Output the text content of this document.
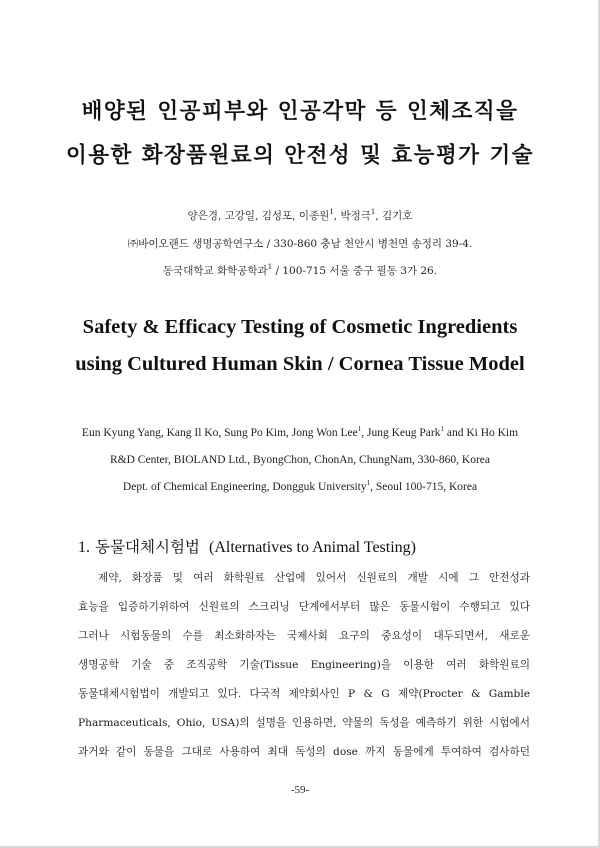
배양된 인공피부와 인공각막 등 인체조직을
이용한 화장품원료의 안전성 및 효능평가 기술
양은경, 고강일, 김성포, 이종원$^1$, 박정극$^1$, 김기호
㈜바이오랜드 생명공학연구소 / 330-860 충남 천안시 병천면 송정리 39-4.
동국대학교 화학공학과$^1$ / 100-715 서울 중구 필동 3가 26.
Safety & Efficacy Testing of Cosmetic Ingredients
using Cultured Human Skin / Cornea Tissue Model
Eun Kyung Yang, Kang Il Ko, Sung Po Kim, Jong Won Lee$^1$, Jung Keug Park$^1$ and Ki Ho Kim
R&D Center, BIOLAND Ltd., ByongChon, ChonAn, ChungNam, 330-860, Korea
Dept. of Chemical Engineering, Dongguk University$^1$, Seoul 100-715, Korea
1. 동물대체시험법 (Alternatives to Animal Testing)
제약, 화장품 및 여러 화학원료 산업에 있어서 신원료의 개발 시에 그 안전성과
효능을 입증하기위하여 신원료의 스크리닝 단계에서부터 많은 동물시험이 수행되고 있다
그러나 시험동물의 수를 최소화하자는 국제사회 요구의 중요성이 대두되면서, 새로운
생명공학 기술 중 조직공학 기술(Tissue Engineering)을 이용한 여러 화학원료의
동물대체시험법이 개발되고 있다. 다국적 제약회사인 P & G 제약(Procter & Gamble
Pharmaceuticals, Ohio, USA)의 설명을 인용하면, 약물의 독성을 예측하기 위한 시험에서
과거와 같이 동물을 그대로 사용하여 최대 독성의 dose 까지 동물에게 투여하여 검사하던
-59-
